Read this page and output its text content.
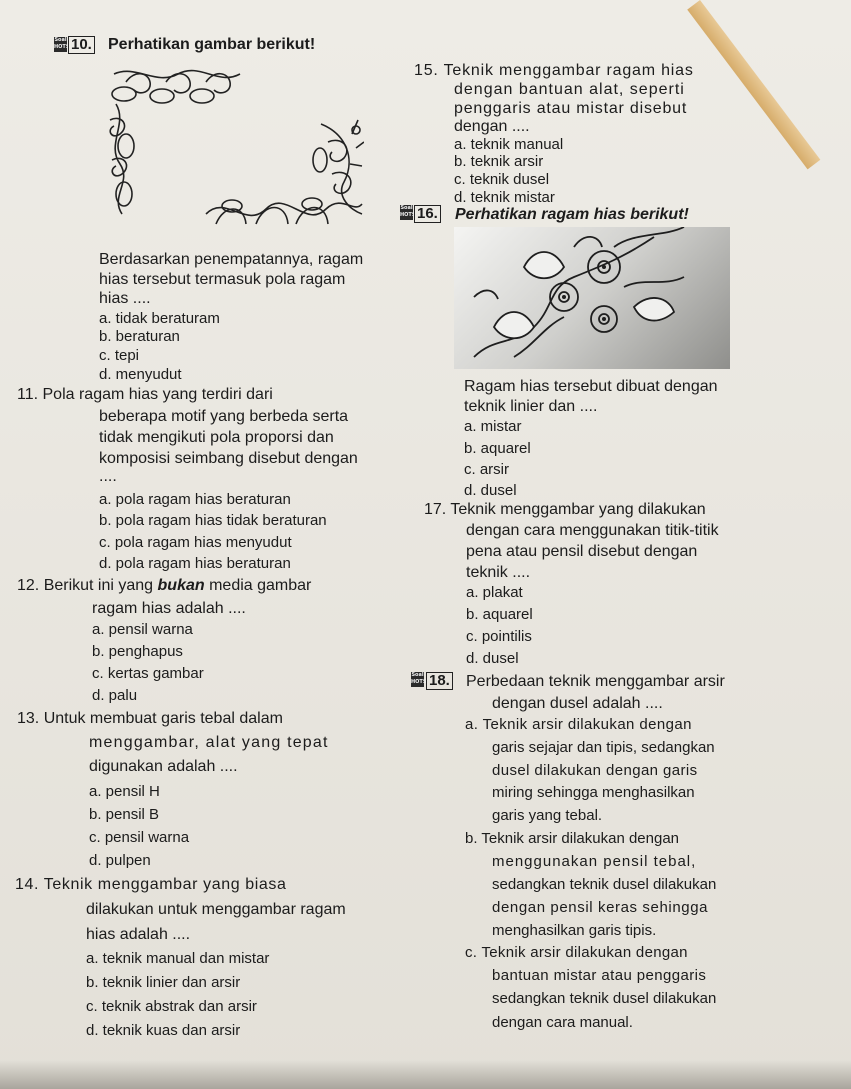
Soal
HOTS 10. Perhatikan gambar berikut!
Berdasarkan penempatannya, ragam
hias tersebut termasuk pola ragam
hias ....
a. tidak beraturam
b. beraturan
c. tepi
d. menyudut
11. Pola ragam hias yang terdiri dari
beberapa motif yang berbeda serta
tidak mengikuti pola proporsi dan
komposisi seimbang disebut dengan
....
a. pola ragam hias beraturan
b. pola ragam hias tidak beraturan
c. pola ragam hias menyudut
d. pola ragam hias beraturan
12. Berikut ini yang bukan media gambar
ragam hias adalah ....
a. pensil warna
b. penghapus
c. kertas gambar
d. palu
13. Untuk membuat garis tebal dalam
menggambar, alat yang tepat
digunakan adalah ....
a. pensil H
b. pensil B
c. pensil warna
d. pulpen
14. Teknik menggambar yang biasa
dilakukan untuk menggambar ragam
hias adalah ....
a. teknik manual dan mistar
b. teknik linier dan arsir
c. teknik abstrak dan arsir
d. teknik kuas dan arsir
15. Teknik menggambar ragam hias
dengan bantuan alat, seperti
penggaris atau mistar disebut
dengan ....
a. teknik manual
b. teknik arsir
c. teknik dusel
d. teknik mistar
Soal
HOTS 16. Perhatikan ragam hias berikut!
Ragam hias tersebut dibuat dengan
teknik linier dan ....
a. mistar
b. aquarel
c. arsir
d. dusel
17. Teknik menggambar yang dilakukan
dengan cara menggunakan titik-titik
pena atau pensil disebut dengan
teknik ....
a. plakat
b. aquarel
c. pointilis
d. dusel
Soal
HOTS 18. Perbedaan teknik menggambar arsir
dengan dusel adalah ....
a. Teknik arsir dilakukan dengan
garis sejajar dan tipis, sedangkan
dusel dilakukan dengan garis
miring sehingga menghasilkan
garis yang tebal.
b. Teknik arsir dilakukan dengan
menggunakan pensil tebal,
sedangkan teknik dusel dilakukan
dengan pensil keras sehingga
menghasilkan garis tipis.
c. Teknik arsir dilakukan dengan
bantuan mistar atau penggaris
sedangkan teknik dusel dilakukan
dengan cara manual.
